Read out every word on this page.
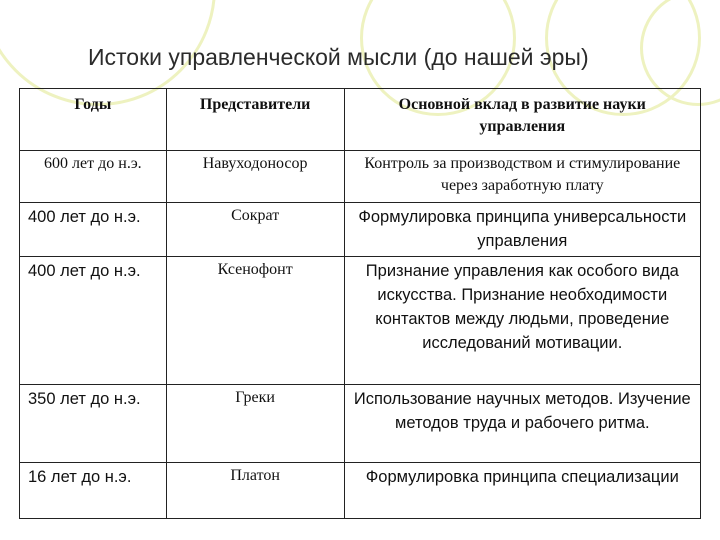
Истоки управленческой мысли (до нашей эры)
Годы	Представители	Основной вклад в развитие науки управления
600 лет до н.э.	Навуходоносор	Контроль за производством и стимулирование через заработную плату
400 лет до н.э.	Сократ	Формулировка принципа универсальности управления
400 лет до н.э.	Ксенофонт	Признание управления как особого вида искусства. Признание необходимости контактов между людьми, проведение исследований мотивации.
350 лет до н.э.	Греки	Использование научных методов. Изучение методов труда и рабочего ритма.
16 лет до н.э.	Платон	Формулировка принципа специализации
